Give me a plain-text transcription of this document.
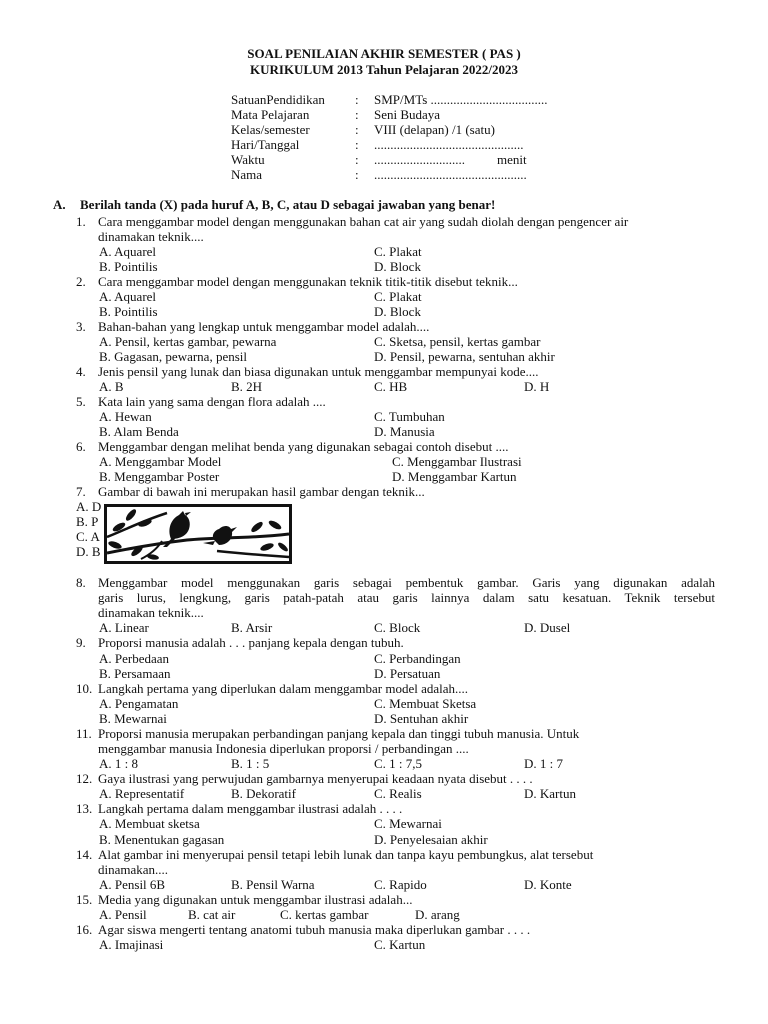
SOAL PENILAIAN AKHIR SEMESTER ( PAS )
KURIKULUM 2013 Tahun Pelajaran 2022/2023
SatuanPendidikan : SMP/MTs ....................................
Mata Pelajaran	: Seni Budaya
Kelas/semester	: VIII (delapan) /1 (satu)
Hari/Tanggal	: ..............................................
Waktu	: ............................ menit
Nama	: ...............................................
A. Berilah tanda (X) pada huruf A, B, C, atau D sebagai jawaban yang benar!
1. Cara menggambar model dengan menggunakan bahan cat air yang sudah diolah dengan pengencer air
dinamakan teknik....
A. Aquarel	C. Plakat
B. Pointilis	D. Block
2. Cara menggambar model dengan menggunakan teknik titik-titik disebut teknik...
A. Aquarel	C. Plakat
B. Pointilis	D. Block
3. Bahan-bahan yang lengkap untuk menggambar model adalah....
A. Pensil, kertas gambar, pewarna	C. Sketsa, pensil, kertas gambar
B. Gagasan, pewarna, pensil	D. Pensil, pewarna, sentuhan akhir
4. Jenis pensil yang lunak dan biasa digunakan untuk menggambar mempunyai kode....
A. B	B. 2H	C. HB	D. H
5. Kata lain yang sama dengan flora adalah ....
A. Hewan	C. Tumbuhan
B. Alam Benda	D. Manusia
6. Menggambar dengan melihat benda yang digunakan sebagai contoh disebut ....
A. Menggambar Model	C. Menggambar Ilustrasi
B. Menggambar Poster	D. Menggambar Kartun
7. Gambar di bawah ini merupakan hasil gambar dengan teknik...
A. D
B. P
C. A
D. B
8. Menggambar model menggunakan garis sebagai pembentuk gambar. Garis yang digunakan adalah
garis lurus, lengkung, garis patah-patah atau garis lainnya dalam satu kesatuan. Teknik tersebut
dinamakan teknik....
A. Linear	B. Arsir	C. Block	D. Dusel
9. Proporsi manusia adalah . . . panjang kepala dengan tubuh.
A. Perbedaan	C. Perbandingan
B. Persamaan	D. Persatuan
10. Langkah pertama yang diperlukan dalam menggambar model adalah....
A. Pengamatan	C. Membuat Sketsa
B. Mewarnai	D. Sentuhan akhir
11. Proporsi manusia merupakan perbandingan panjang kepala dan tinggi tubuh manusia. Untuk
menggambar manusia Indonesia diperlukan proporsi / perbandingan ....
A. 1 : 8	B. 1 : 5	C. 1 : 7,5	D. 1 : 7
12. Gaya ilustrasi yang perwujudan gambarnya menyerupai keadaan nyata disebut . . . .
A. Representatif	B. Dekoratif	C. Realis	D. Kartun
13. Langkah pertama dalam menggambar ilustrasi adalah . . . .
A. Membuat sketsa	C. Mewarnai
B. Menentukan gagasan	D. Penyelesaian akhir
14. Alat gambar ini menyerupai pensil tetapi lebih lunak dan tanpa kayu pembungkus, alat tersebut
dinamakan....
A. Pensil 6B	B. Pensil Warna	C. Rapido	D. Konte
15. Media yang digunakan untuk menggambar ilustrasi adalah...
A. Pensil	B. cat air	C. kertas gambar	D. arang
16. Agar siswa mengerti tentang anatomi tubuh manusia maka diperlukan gambar . . . .
A. Imajinasi	C. Kartun
